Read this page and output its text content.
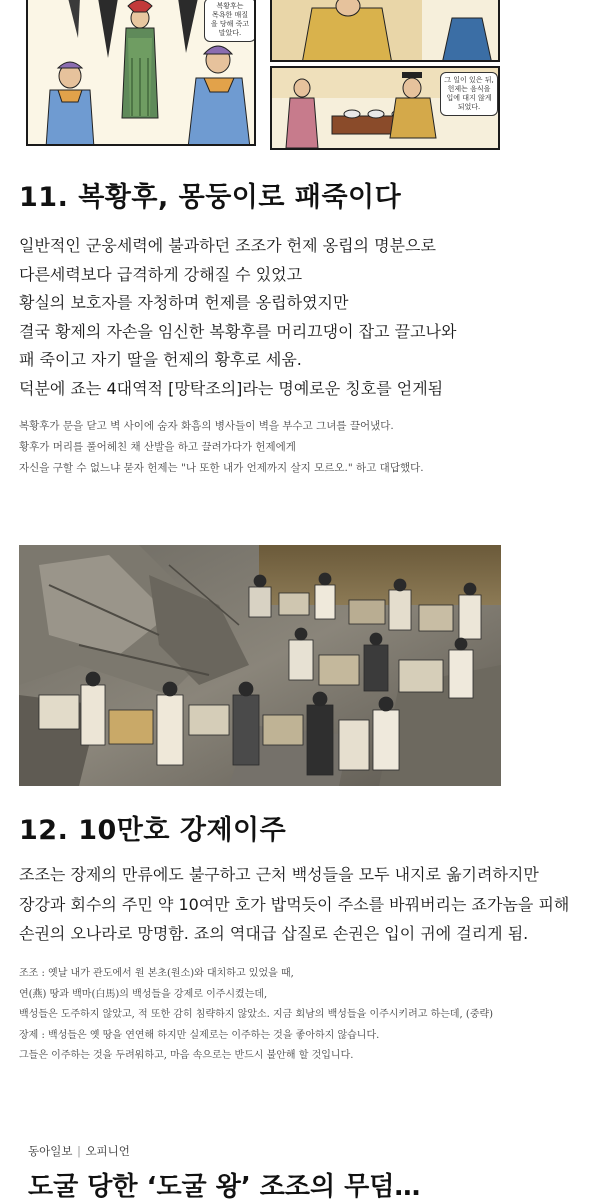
복황후는
목욕한 매질
을 당해 죽고
말았다.
그 일이 있은 뒤,
헌제는 음식을
입에 대지 않게
되었다.
11. 복황후, 몽둥이로 패죽이다

일반적인 군웅세력에 불과하던 조조가 헌제 옹립의 명분으로

다른세력보다 급격하게 강해질 수 있었고

황실의 보호자를 자청하며 헌제를 옹립하였지만

결국 황제의 자손을 임신한 복황후를 머리끄댕이 잡고 끌고나와

패 죽이고 자기 딸을 헌제의 황후로 세움.

덕분에 죠는 4대역적 [망탁조의]라는 명예로운 칭호를 얻게됨

복황후가 문을 닫고 벽 사이에 숨자 화흠의 병사들이 벽을 부수고 그녀를 끌어냈다.

황후가 머리를 풀어헤친 채 산발을 하고 끌려가다가 헌제에게

자신을 구할 수 없느냐 묻자 헌제는 "나 또한 내가 언제까지 살지 모르오." 하고 대답했다.

12. 10만호 강제이주

조조는 장제의 만류에도 불구하고 근처 백성들을 모두 내지로 옮기려하지만

장강과 회수의 주민 약 10여만 호가 밥먹듯이 주소를 바꿔버리는 죠가놈을 피해

손권의 오나라로 망명함. 죠의 역대급 삽질로 손권은 입이 귀에 걸리게 됨.

조조 : 옛날 내가 관도에서 원 본초(원소)와 대치하고 있었을 때,

연(燕) 땅과 백마(白馬)의 백성들을 강제로 이주시켰는데,

백성들은 도주하지 않았고, 적 또한 감히 침략하지 않았소. 지금 회남의 백성들을 이주시키려고 하는데, (중략)

장제 : 백성들은 옛 땅을 연연해 하지만 실제로는 이주하는 것을 좋아하지 않습니다.

그들은 이주하는 것을 두려워하고, 마음 속으로는 반드시 불안해 할 것입니다.

동아일보 | 오피니언
도굴 당한 ‘도굴 왕’ 조조의 무덤…
